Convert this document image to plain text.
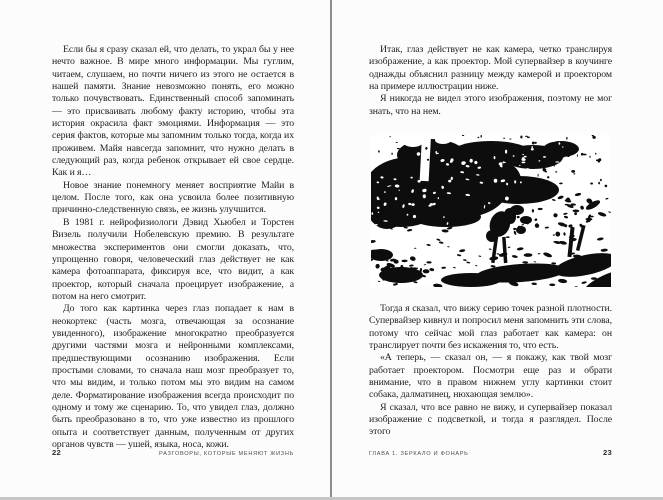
Если бы я сразу сказал ей, что делать, то украл бы у нее нечто важное. В мире много информации. Мы гуглим, читаем, слушаем, но почти ничего из этого не остается в нашей памяти. Знание невозможно понять, его можно только почувствовать. Единственный способ запоминать — это присваивать любому факту историю, чтобы эта история окрасила факт эмоциями. Информация — это серия фактов, которые мы запомним только тогда, когда их проживем. Майя навсегда запомнит, что нужно делать в следующий раз, когда ребенок открывает ей свое сердце. Как и я…

Новое знание понемногу меняет восприятие Майи в целом. После того, как она усвоила более позитивную причинно-следственную связь, ее жизнь улучшится.

В 1981 г. нейрофизиологи Дэвид Хьюбел и Торстен Визель получили Нобелевскую премию. В результате множества экспериментов они смогли доказать, что, упрощенно говоря, человеческий глаз действует не как камера фотоаппарата, фиксируя все, что видит, а как проектор, который сначала проецирует изображение, а потом на него смотрит.

До того как картинка через глаз попадает к нам в неокортекс (часть мозга, отвечающая за осознание увиденного), изображение многократно преобразуется другими частями мозга и нейронными комплексами, предшествующими осознанию изображения. Если простыми словами, то сначала наш мозг преобразует то, что мы видим, и только потом мы это видим на самом деле. Форматирование изображения всегда происходит по одному и тому же сценарию. То, что увидел глаз, должно быть преобразовано в то, что уже известно из прошлого опыта и соответствует данным, полученным от других органов чувств — ушей, языка, носа, кожи.

22	РАЗГОВОРЫ, КОТОРЫЕ МЕНЯЮТ ЖИЗНЬ

Итак, глаз действует не как камера, четко транслируя изображение, а как проектор. Мой супервайзер в коучинге однажды объяснил разницу между камерой и проектором на примере иллюстрации ниже.

Я никогда не видел этого изображения, поэтому не мог знать, что на нем.

Тогда я сказал, что вижу серию точек разной плотности. Супервайзер кивнул и попросил меня запомнить эти слова, потому что сейчас мой глаз работает как камера: он транслирует почти без искажения то, что есть.

«А теперь, — сказал он, — я покажу, как твой мозг работает проектором. Посмотри еще раз и обрати внимание, что в правом нижнем углу картинки стоит собака, далматинец, нюхающая землю».

Я сказал, что все равно не вижу, и супервайзер показал изображение с подсветкой, и тогда я разглядел. После этого

ГЛАВА 1. ЗЕРКАЛО И ФОНАРЬ	23
